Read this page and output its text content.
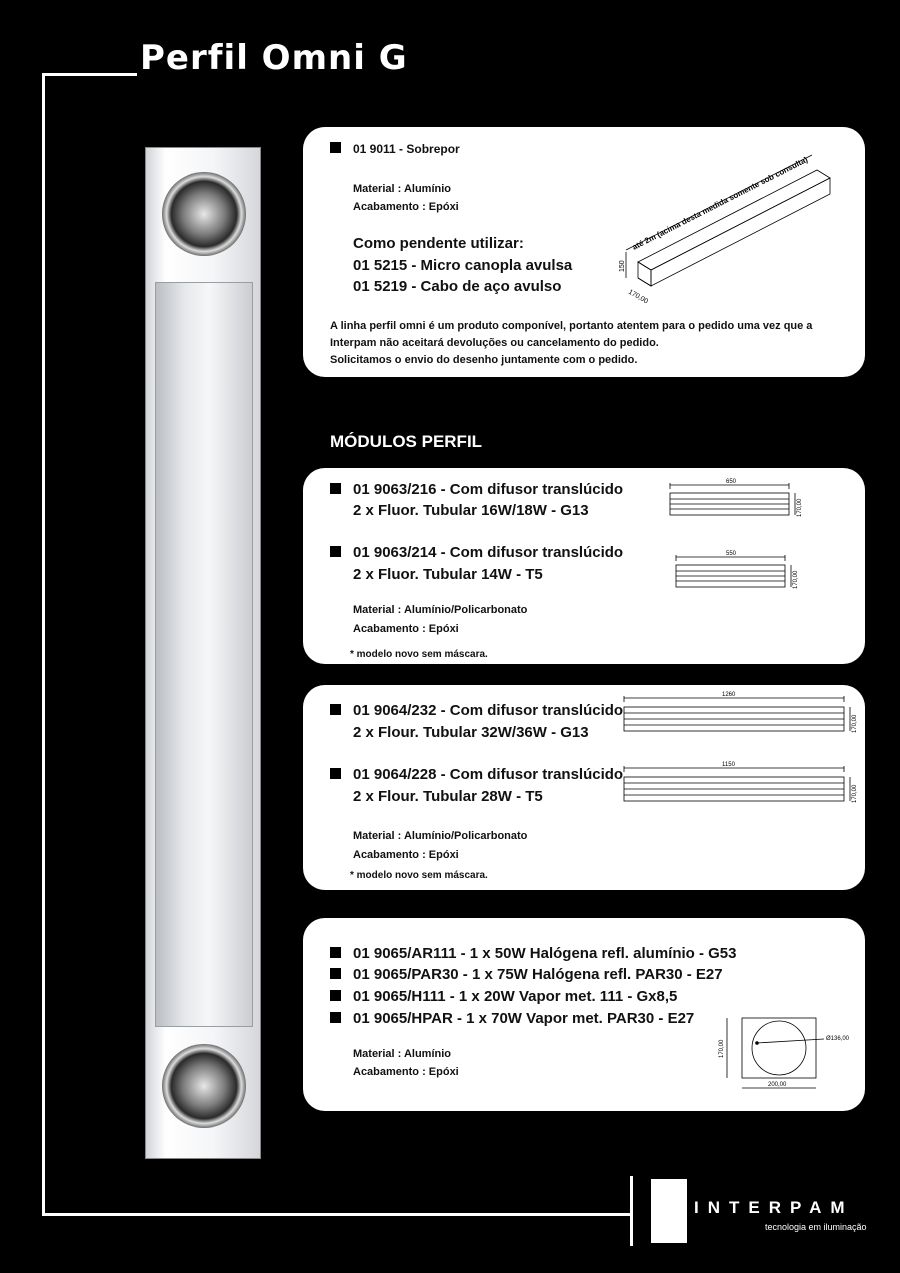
Perfil Omni G
01 9011 - Sobrepor
Material : Alumínio
Acabamento : Epóxi
Como pendente utilizar:
01 5215 - Micro canopla avulsa
01 5219 - Cabo de aço avulso
A linha perfil omni é um produto componível, portanto atentem para o pedido uma vez que a
Interpam não aceitará devoluções ou cancelamento do pedido.
Solicitamos o envio do desenho juntamente com o pedido.
até 2m (acima desta medida somente sob consulta)
150
170,00
MÓDULOS PERFIL
01 9063/216 - Com difusor translúcido
2 x Fluor. Tubular 16W/18W - G13
01 9063/214 - Com difusor translúcido
2 x Fluor. Tubular 14W - T5
Material : Alumínio/Policarbonato
Acabamento : Epóxi
* modelo novo sem máscara.
650
170,00
550
170,00
01 9064/232 - Com difusor translúcido
2 x Flour. Tubular 32W/36W - G13
01 9064/228 - Com difusor translúcido
2 x Flour. Tubular 28W - T5
Material : Alumínio/Policarbonato
Acabamento : Epóxi
* modelo novo sem máscara.
1260
170,00
1150
170,00
01 9065/AR111 - 1 x 50W Halógena refl. alumínio - G53
01 9065/PAR30 - 1 x 75W Halógena refl. PAR30 - E27
01 9065/H111 - 1 x 20W Vapor met. 111 - Gx8,5
01 9065/HPAR - 1 x 70W Vapor met. PAR30 - E27
Material : Alumínio
Acabamento : Epóxi
170,00
Ø136,00
200,00
INTERPAM
tecnologia em iluminação
